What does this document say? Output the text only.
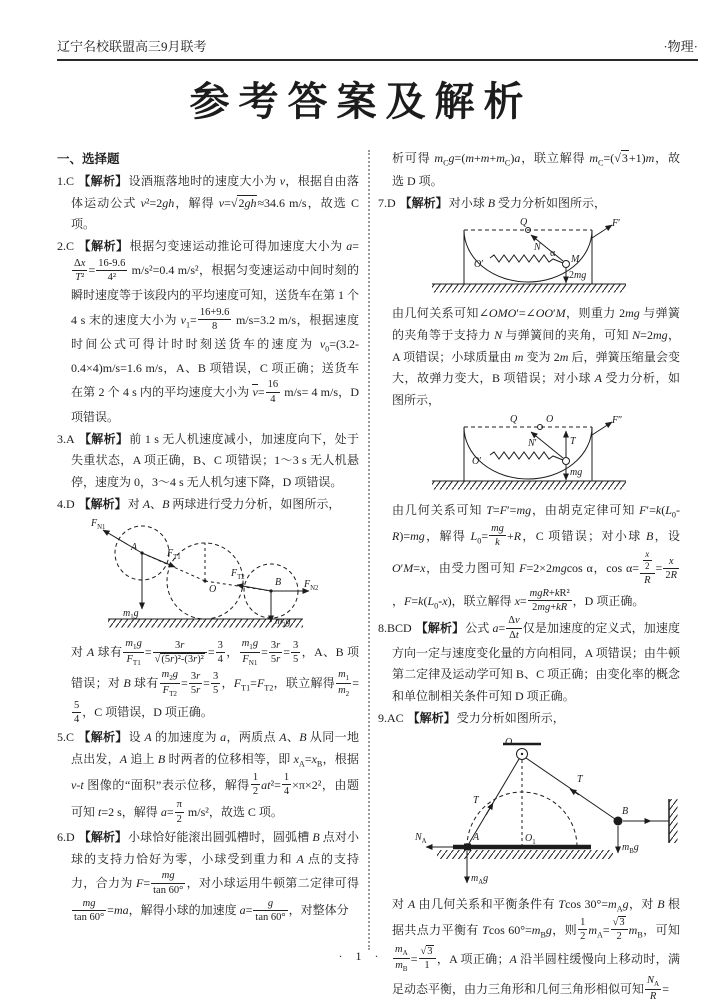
辽宁名校联盟高三9月联考	·物理·
参考答案及解析

一、选择题

1.C 【解析】设酒瓶落地时的速度大小为 v，根据自由落体运动公式 v²=2gh，解得 v=√2gh≈34.6 m/s，故选 C 项。

2.C 【解析】根据匀变速运动推论可得加速度大小为 a=
$\frac{\Delta x}{\text{T²}} = \frac{16-9.6}{\text{4²}} m/s^2=0.4$ m/s²，根据匀变速运动中间时刻的瞬时速度等于该段内的平均速度可知，送货车在第 1 个 4 s 末的速度大小为 $v_1= \frac{16+9.6}{8} m/s=3.2$ m/s，根据速度时间公式可得计时时刻送货车的速度为 $v_0=(3.2-0.4\times 4)m/s=1.6$ m/s，A、B 项错误，C 项正确；送货车在第 2 个 4 s 内的平均速度大小为 $v= \frac{16}{4} m/s= 4$ m/s，D 项错误。

3.A 【解析】前 1 s 无人机速度减小，加速度向下，处于失重状态，A 项正确，B、C 项错误；1～3 s 无人机悬停，速度为 0，3～4 s 无人机匀速下降，D 项错误。

4.D 【解析】对 A、B 两球进行受力分析，如图所示，

$F_{N1}$
A
$F_{T1}$
O
$F_{T2}$	B $F_{N2}$
$m_1g$
$m_2g$

对 A 球有 $\frac{m_1g}{F_{T1}} = \frac{3r}{\text{√(5r)²-(3r)²}} = \frac{3}{4}$ ， $\frac{m_1g}{F_{N1}} = \frac{3r}{5r} = \frac{3}{5}$ ，A、B 项错误；对 B 球有 $\frac{m_2g}{F_{T2}} = \frac{3r}{5r} = \frac{3}{5}$ ，$F_{T1}=F_{T2}$，联立解得 $\frac{m_1}{m_2}$ =
$\frac{5}{4}$ ，C 项错误，D 项正确。

5.C 【解析】设 A 的加速度为 a，两质点 A、B 从同一地点出发，A 追上 B 时两者的位移相等，即 $x_A=x_B$，根据 v-t 图像的“面积”表示位移，解得 $\frac{1}{2} at^2= \frac{1}{4} \times\pi\times 2^2$，由题可知 t=2 s，解得 $a= \frac{\pi}{2} m/s^2$，故选 C 项。

6.D 【解析】小球恰好能滚出圆弧槽时，圆弧槽 B 点对小球的支持力恰好为零，小球受到重力和 A 点的支持力，合力为 $F= \frac{mg}{\tan 60^\circ}$ ，对小球运用牛顿第二定律可得
$\frac{mg}{\tan 60^\circ} =ma$，解得小球的加速度 $a= \frac{g}{\tan 60^\circ}$ ，对整体分

析可得 $m_Cg=(m+m+m_C)a$，联立解得 $m_C=(√3+1)m$，故选 D 项。

7.D 【解析】对小球 B 受力分析如图所示，

Q
N
α
O′	M
F′
2mg

由几何关系可知∠OMO′=∠OO′M，则重力 2mg 与弹簧的夹角等于支持力 N 与弹簧间的夹角，可知 N=2mg，A 项错误；小球质量由 m 变为 2m 后，弹簧压缩量会变大，故弹力变大，B 项错误；对小球 A 受力分析，如图所示，

Q	O
N′
O′
T
F″
mg

由几何关系可知 T=F′=mg，由胡克定律可知 $F'=k(L_0-R)=mg$，解得 $L_0= \frac{mg}{k} +R$，C 项错误；对小球 B，设 O′M=x，由受力图可知 F=2×2mgcos α，$\cos \alpha= \frac{\frac{x}{2}}{R} = \frac{x}{2R}$
，$F=k(L_0-x)$，联立解得 $x= \frac{\text{mgR+kR²}}{2mg+kR}$ ，D 项正确。

8.BCD 【解析】公式 $a= \frac{\Delta v}{\Delta t}$ 仅是加速度的定义式，加速度方向一定与速度变化量的方向相同，A 项错误；由牛顿第二定律及运动学可知 B、C 项正确；由变化率的概念和单位制相关条件可知 D 项正确。

9.AC 【解析】受力分析如图所示，

O
T
T
B
$N_A$	A	$O_1$
$m_Ag$
$m_Bg$

对 A 由几何关系和平衡条件有 Tcos $30^\circ=m_Ag$，对 B 根据共点力平衡有 Tcos $60^\circ=m_Bg$，则 $\frac{1}{2} m_A= \frac{√3}{2} m_B$，可知
$\frac{m_A}{m_B} = \frac{√3}{1}$ ，A 项正确；A 沿半圆柱缓慢向上移动时，满足动态平衡，由力三角形和几何三角形相似可知 $\frac{N_A}{R}$ =

· 1 ·
